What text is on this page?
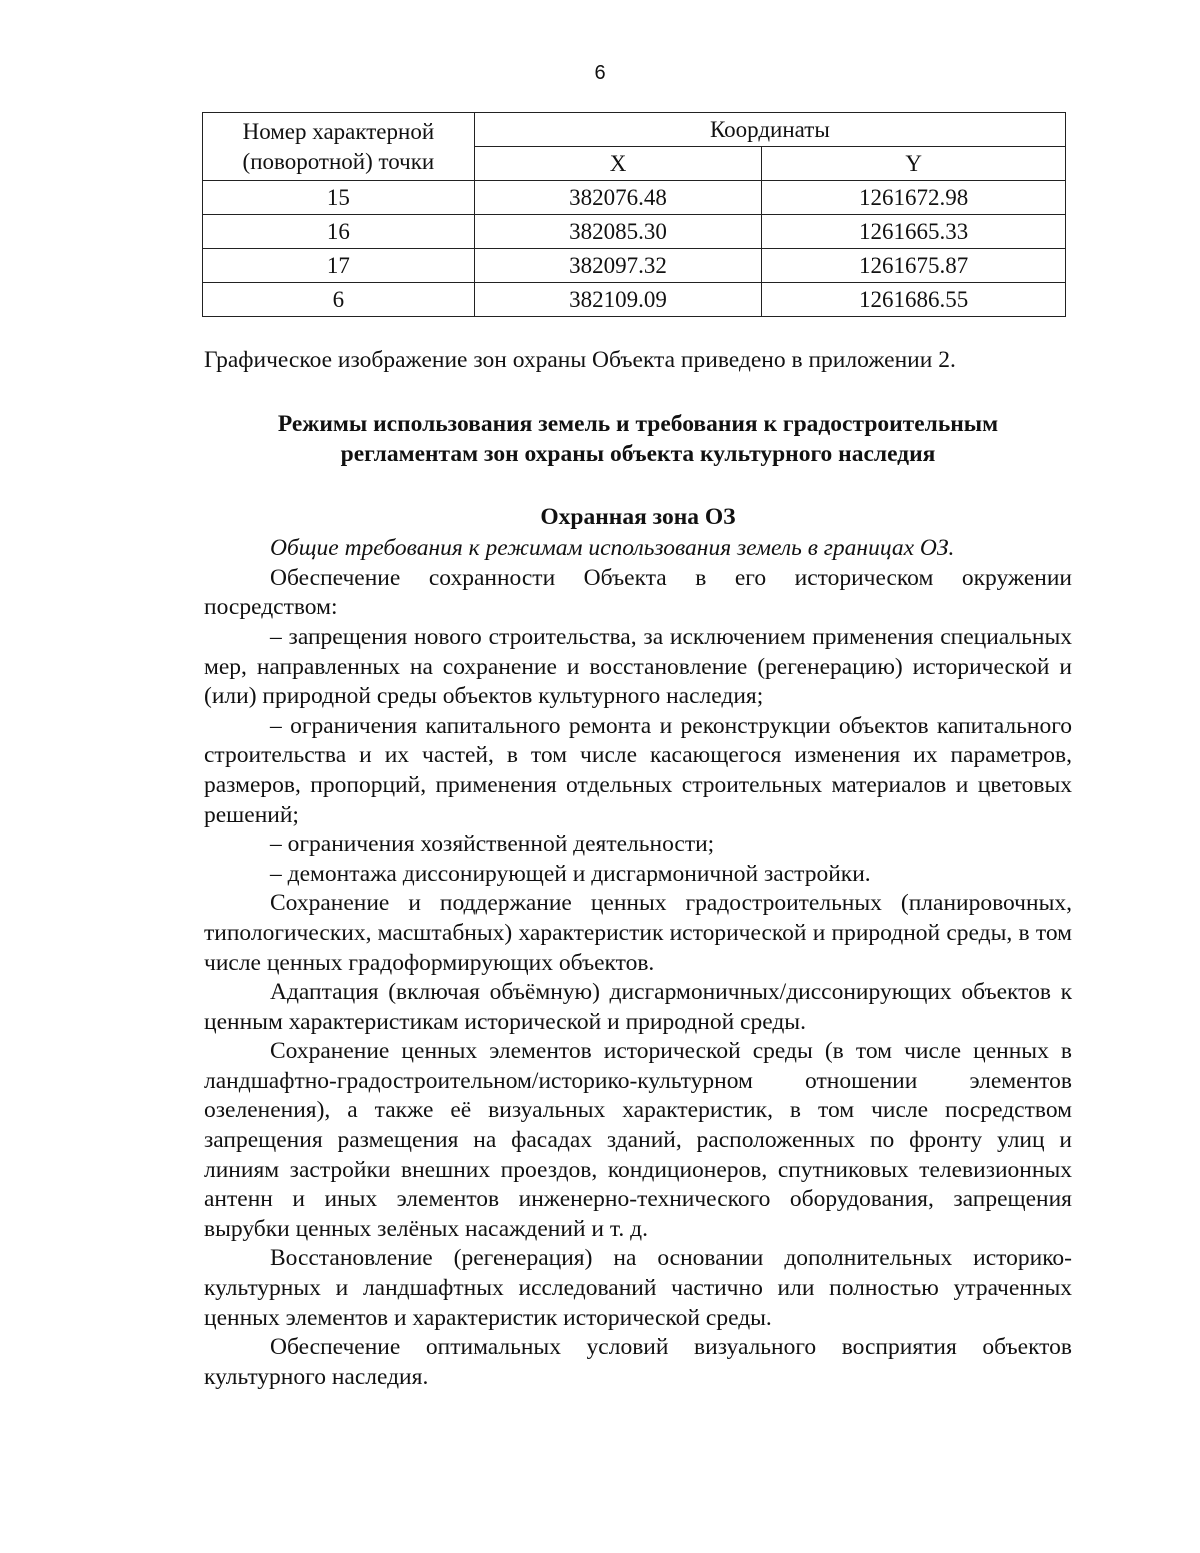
6
Номер характерной
(поворотной) точки	Координаты	
	X	Y
15	382076.48	1261672.98
16	382085.30	1261665.33
17	382097.32	1261675.87
6	382109.09	1261686.55

Графическое изображение зон охраны Объекта приведено в приложении 2.

Режимы использования земель и требования к градостроительным
регламентам зон охраны объекта культурного наследия
Охранная зона ОЗ

Общие требования к режимам использования земель в границах ОЗ.

Обеспечение сохранности Объекта в его историческом окружении посредством:

– запрещения нового строительства, за исключением применения специальных мер, направленных на сохранение и восстановление (регенерацию) исторической и (или) природной среды объектов культурного наследия;

– ограничения капитального ремонта и реконструкции объектов капитального строительства и их частей, в том числе касающегося изменения их параметров, размеров, пропорций, применения отдельных строительных материалов и цветовых решений;

– ограничения хозяйственной деятельности;

– демонтажа диссонирующей и дисгармоничной застройки.

Сохранение и поддержание ценных градостроительных (планировочных, типологических, масштабных) характеристик исторической и природной среды, в том числе ценных градоформирующих объектов.

Адаптация (включая объёмную) дисгармоничных/диссонирующих объектов к ценным характеристикам исторической и природной среды.

Сохранение ценных элементов исторической среды (в том числе ценных в ландшафтно-градостроительном/историко-культурном отношении элементов озеленения), а также её визуальных характеристик, в том числе посредством запрещения размещения на фасадах зданий, расположенных по фронту улиц и линиям застройки внешних проездов, кондиционеров, спутниковых телевизионных антенн и иных элементов инженерно-технического оборудования, запрещения вырубки ценных зелёных насаждений и т. д.

Восстановление (регенерация) на основании дополнительных историко-культурных и ландшафтных исследований частично или полностью утраченных ценных элементов и характеристик исторической среды.

Обеспечение оптимальных условий визуального восприятия объектов культурного наследия.
